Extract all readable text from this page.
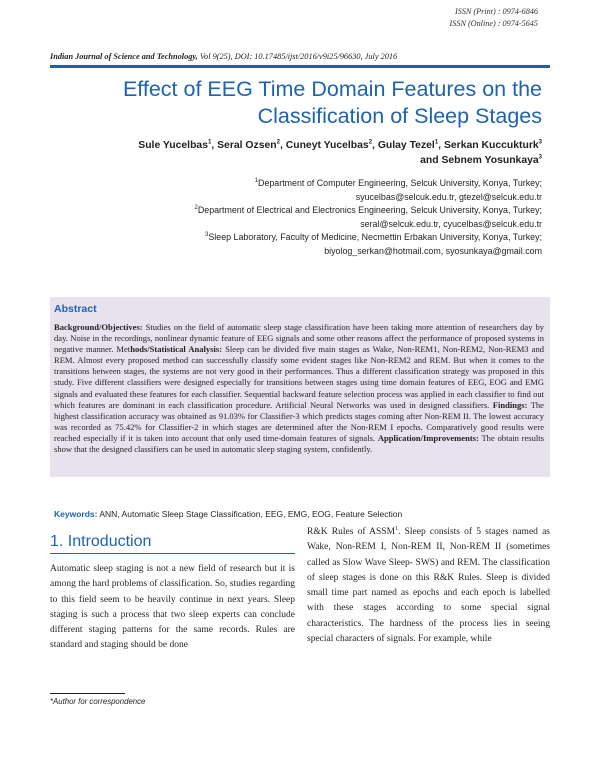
ISSN (Print) : 0974-6846
ISSN (Online) : 0974-5645
Indian Journal of Science and Technology, Vol 9(25), DOI: 10.17485/ijst/2016/v9i25/96630, July 2016
Effect of EEG Time Domain Features on the
Classification of Sleep Stages
Sule Yucelbas$^1$, Seral Ozsen$^2$, Cuneyt Yucelbas$^2$, Gulay Tezel$^1$, Serkan Kuccukturk$^3$
and Sebnem Yosunkaya$^3$
$^1$Department of Computer Engineering, Selcuk University, Konya, Turkey;
syucelbas@selcuk.edu.tr, gtezel@selcuk.edu.tr
$^2$Department of Electrical and Electronics Engineering, Selcuk University, Konya, Turkey;
seral@selcuk.edu.tr, cyucelbas@selcuk.edu.tr
$^3$Sleep Laboratory, Faculty of Medicine, Necmettin Erbakan University, Konya, Turkey;
biyolog_serkan@hotmail.com, syosunkaya@gmail.com
Abstract

Background/Objectives: Studies on the field of automatic sleep stage classification have been taking more attention of researchers day by day. Noise in the recordings, nonlinear dynamic feature of EEG signals and some other reasons affect the performance of proposed systems in negative manner. Methods/Statistical Analysis: Sleep can be divided five main stages as Wake, Non-REM1, Non-REM2, Non-REM3 and REM. Almost every proposed method can successfully classify some evident stages like Non-REM2 and REM. But when it comes to the transitions between stages, the systems are not very good in their performances. Thus a different classification strategy was proposed in this study. Five different classifiers were designed especially for transitions between stages using time domain features of EEG, EOG and EMG signals and evaluated these features for each classifier. Sequential backward feature selection process was applied in each classifier to find out which features are dominant in each classification procedure. Artificial Neural Networks was used in designed classifiers. Findings: The highest classification accuracy was obtained as 91.03% for Classifier-3 which predicts stages coming after Non-REM II. The lowest accuracy was recorded as 75.42% for Classifier-2 in which stages are determined after the Non-REM I epochs. Comparatively good results were reached especially if it is taken into account that only used time-domain features of signals. Application/Improvements: The obtain results show that the designed classifiers can be used in automatic sleep staging system, confidently.

Keywords: ANN, Automatic Sleep Stage Classification, EEG, EMG, EOG, Feature Selection
1. Introduction

Automatic sleep staging is not a new field of research but it is among the hard problems of classification. So, studies regarding to this field seem to be heavily continue in next years. Sleep staging is such a process that two sleep experts can conclude different staging patterns for the same records. Rules are standard and staging should be done

R&K Rules of ASSM$^1$. Sleep consists of 5 stages named as Wake, Non-REM I, Non-REM II, Non-REM II (sometimes called as Slow Wave Sleep- SWS) and REM. The classification of sleep stages is done on this R&K Rules. Sleep is divided small time part named as epochs and each epoch is labelled with these stages according to some special signal characteristics. The hardness of the process lies in seeing special characters of signals. For example, while

*Author for correspondence
